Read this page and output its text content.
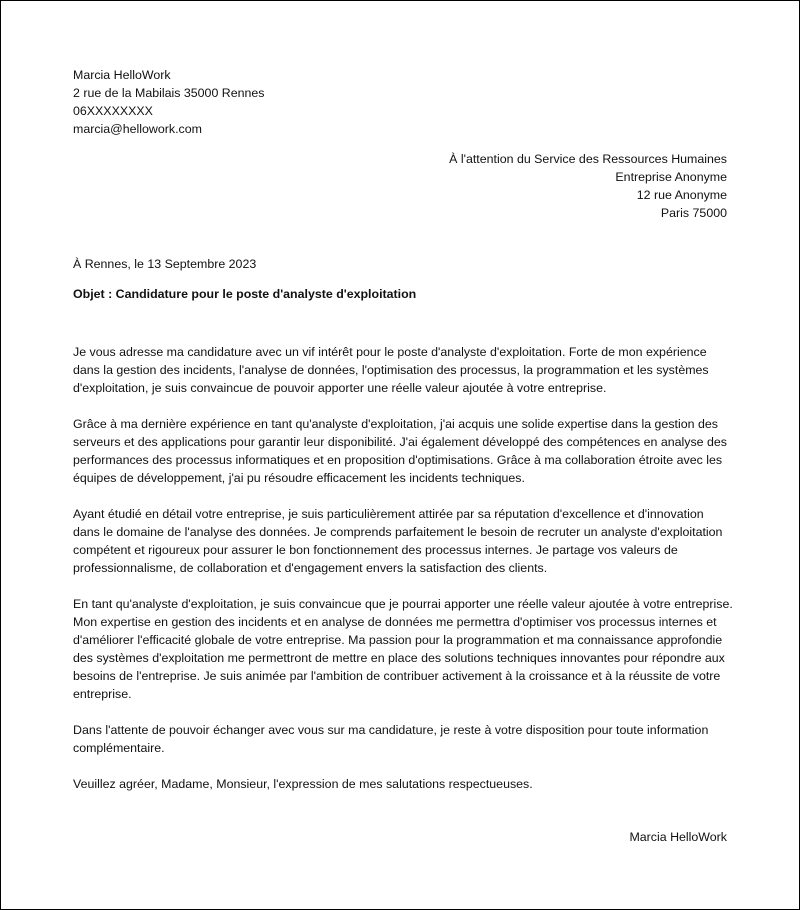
Marcia HelloWork
2 rue de la Mabilais 35000 Rennes
06XXXXXXXX
marcia@hellowork.com
À l'attention du Service des Ressources Humaines
Entreprise Anonyme
12 rue Anonyme
Paris 75000
À Rennes, le 13 Septembre 2023
Objet : Candidature pour le poste d'analyste d'exploitation

Je vous adresse ma candidature avec un vif intérêt pour le poste d'analyste d'exploitation. Forte de mon expérience dans la gestion des incidents, l'analyse de données, l'optimisation des processus, la programmation et les systèmes d'exploitation, je suis convaincue de pouvoir apporter une réelle valeur ajoutée à votre entreprise.

Grâce à ma dernière expérience en tant qu'analyste d'exploitation, j'ai acquis une solide expertise dans la gestion des serveurs et des applications pour garantir leur disponibilité. J'ai également développé des compétences en analyse des performances des processus informatiques et en proposition d'optimisations. Grâce à ma collaboration étroite avec les équipes de développement, j'ai pu résoudre efficacement les incidents techniques.

Ayant étudié en détail votre entreprise, je suis particulièrement attirée par sa réputation d'excellence et d'innovation dans le domaine de l'analyse des données. Je comprends parfaitement le besoin de recruter un analyste d'exploitation compétent et rigoureux pour assurer le bon fonctionnement des processus internes. Je partage vos valeurs de professionnalisme, de collaboration et d'engagement envers la satisfaction des clients.

En tant qu'analyste d'exploitation, je suis convaincue que je pourrai apporter une réelle valeur ajoutée à votre entreprise. Mon expertise en gestion des incidents et en analyse de données me permettra d'optimiser vos processus internes et d'améliorer l'efficacité globale de votre entreprise. Ma passion pour la programmation et ma connaissance approfondie des systèmes d'exploitation me permettront de mettre en place des solutions techniques innovantes pour répondre aux besoins de l'entreprise. Je suis animée par l'ambition de contribuer activement à la croissance et à la réussite de votre entreprise.

Dans l'attente de pouvoir échanger avec vous sur ma candidature, je reste à votre disposition pour toute information complémentaire.

Veuillez agréer, Madame, Monsieur, l'expression de mes salutations respectueuses.

Marcia HelloWork
